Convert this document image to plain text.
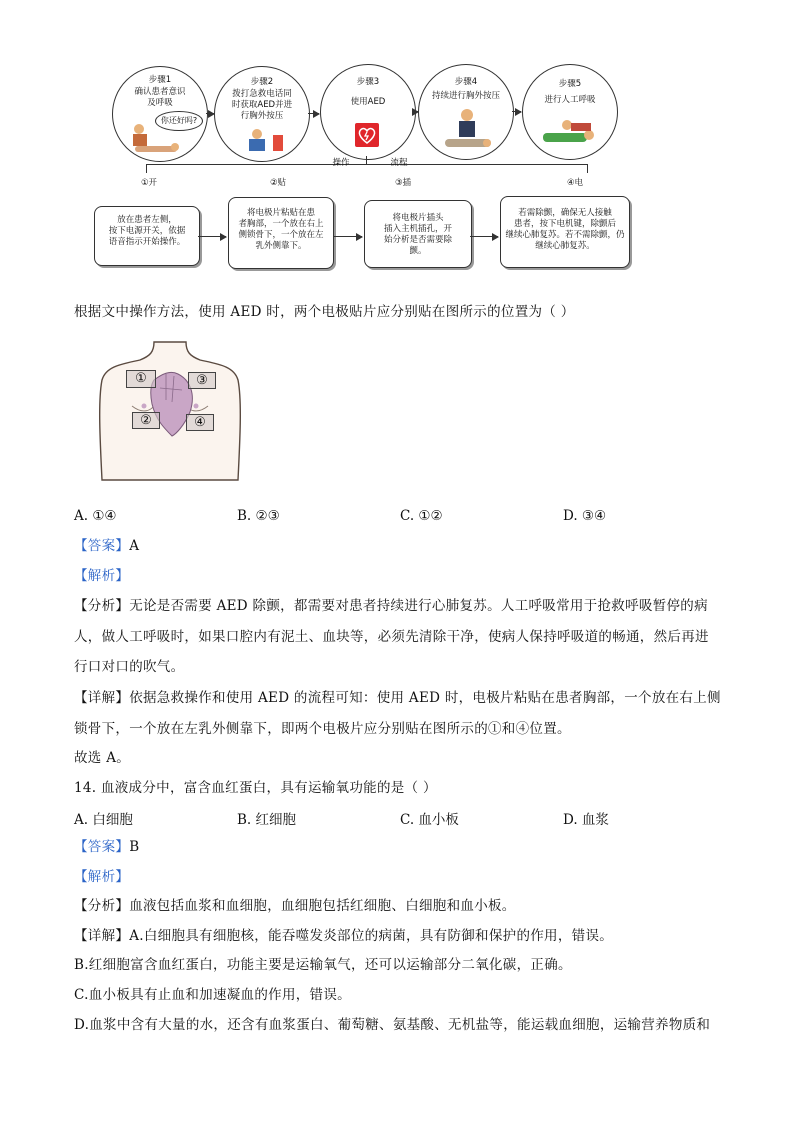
步骤1
确认患者意识
及呼吸
你还好吗?
步骤2
拨打急救电话同
时获取AED并进
行胸外按压
步骤3
使用AED
步骤4
持续进行胸外按压
步骤5
进行人工呼吸
操作	流程
①开	②贴	③插	④电
放在患者左侧，
按下电源开关，依据
语音指示开始操作。
将电极片粘贴在患
者胸部，一个放在右上
侧锁骨下，一个放在左
乳外侧靠下。
将电极片插头
插入主机插孔，开
始分析是否需要除
颤。
若需除颤，确保无人接触
患者，按下电机键，除颤后
继续心肺复苏。若不需除颤，仍
继续心肺复苏。
根据文中操作方法，使用 AED 时，两个电极贴片应分别贴在图所示的位置为（ ）
①	③
②	④
A. ①④	B. ②③	C. ①②	D. ③④
【答案】A
【解析】
【分析】无论是否需要 AED 除颤，都需要对患者持续进行心肺复苏。人工呼吸常用于抢救呼吸暂停的病
人，做人工呼吸时，如果口腔内有泥土、血块等，必须先清除干净，使病人保持呼吸道的畅通，然后再进
行口对口的吹气。
【详解】依据急救操作和使用 AED 的流程可知：使用 AED 时，电极片粘贴在患者胸部，一个放在右上侧
锁骨下，一个放在左乳外侧靠下，即两个电极片应分别贴在图所示的①和④位置。
故选 A。
14. 血液成分中，富含血红蛋白，具有运输氧功能的是（ ）
A. 白细胞	B. 红细胞	C. 血小板	D. 血浆
【答案】B
【解析】
【分析】血液包括血浆和血细胞，血细胞包括红细胞、白细胞和血小板。
【详解】A.白细胞具有细胞核，能吞噬发炎部位的病菌，具有防御和保护的作用，错误。
B.红细胞富含血红蛋白，功能主要是运输氧气，还可以运输部分二氧化碳，正确。
C.血小板具有止血和加速凝血的作用，错误。
D.血浆中含有大量的水，还含有血浆蛋白、葡萄糖、氨基酸、无机盐等，能运载血细胞，运输营养物质和
